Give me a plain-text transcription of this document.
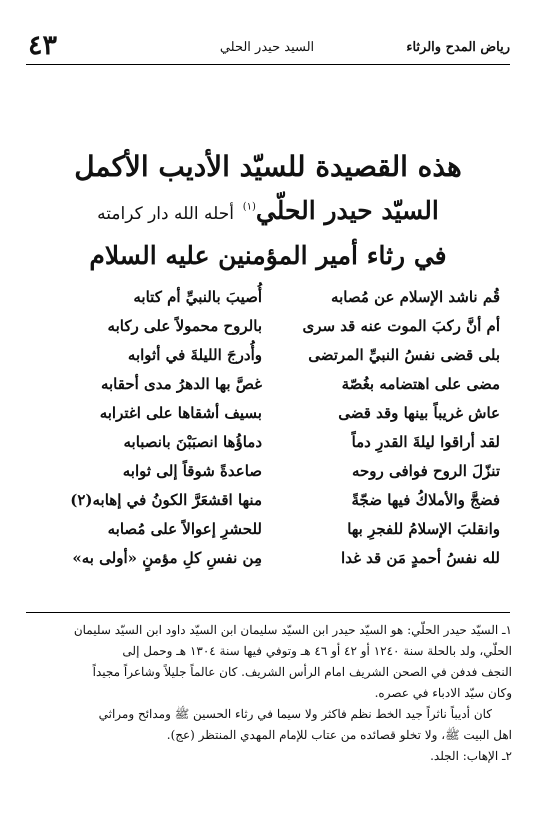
رياض المدح والرثاء
السيد حيدر الحلي
٤٣
هذه القصيدة للسيّد الأديب الأكمل
السيّد حيدر الحلّي$^{(١)}$ أحله الله دار كرامته
في رثاء أمير المؤمنين عليه السلام
قُم ناشد الإسلام عن مُصابه
أُصيبَ بالنبيِّ أم كتابه
أم أنَّ ركبَ الموت عنه قد سرى
بالروح محمولاً على ركابه
بلى قضى نفسُ النبيِّ المرتضى
وأُدرجَ الليلةَ في أثوابه
مضى على اهتضامه بغُصّة
غصَّ بها الدهرُ مدى أحقابه
عاش غريباً بينها وقد قضى
بسيف أشقاها على اغترابه
لقد أراقوا ليلةَ القدرِ دماً
دماؤُها انصبَبْنَ بانصبابه
تنزّلَ الروح فوافى روحه
صاعدةً شوقاً إلى ثوابه
فضجَّ والأملاكُ فيها ضجّةً
منها اقشعَرَّ الكونُ في إهابه(٢)
وانقلبَ الإسلامُ للفجرِ بها
للحشرِ إعوالاً على مُصابه
لله نفسُ أحمدٍ مَن قد غدا
مِن نفسِ كلِ مؤمنٍ «أولى به»

١ـ السيّد حيدر الحلّي: هو السيّد حيدر ابن السيّد سليمان ابن السيّد داود ابن السيّد سليمان

الحلّي، ولد بالحلة سنة ١٢٤٠ أو ٤٢ أو ٤٦ هـ وتوفي فيها سنة ١٣٠٤ هـ وحمل إلى

النجف فدفن في الصحن الشريف امام الرأس الشريف. كان عالماً جليلاً وشاعراً مجيداً

وكان سيّد الادباء في عصره.

كان أديباً ناثراً جيد الخط نظم فاكثر ولا سيما في رثاء الحسين ﷺ ومدائح ومراثي

اهل البيت ﷺ، ولا تخلو قصائده من عتاب للإمام المهدي المنتظر (عج).

٢ـ الإهاب: الجلد.
